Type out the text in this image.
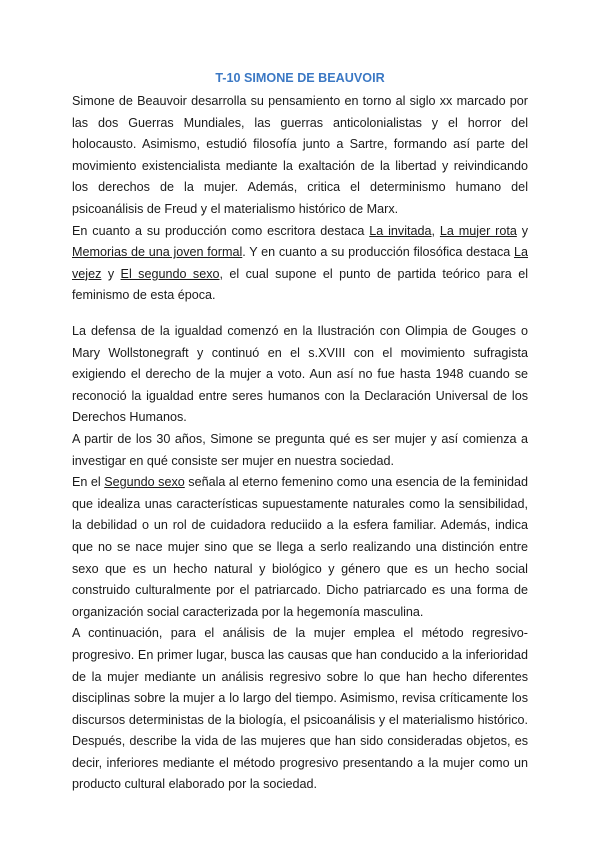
T-10 SIMONE DE BEAUVOIR

Simone de Beauvoir desarrolla su pensamiento en torno al siglo xx marcado por las dos Guerras Mundiales, las guerras anticolonialistas y el horror del holocausto. Asimismo, estudió filosofía junto a Sartre, formando así parte del movimiento existencialista mediante la exaltación de la libertad y reivindicando los derechos de la mujer. Además, critica el determinismo humano del psicoanálisis de Freud y el materialismo histórico de Marx.

En cuanto a su producción como escritora destaca La invitada, La mujer rota y Memorias de una joven formal. Y en cuanto a su producción filosófica destaca La vejez y El segundo sexo, el cual supone el punto de partida teórico para el feminismo de esta época.

La defensa de la igualdad comenzó en la Ilustración con Olimpia de Gouges o Mary Wollstonegraft y continuó en el s.XVIII con el movimiento sufragista exigiendo el derecho de la mujer a voto. Aun así no fue hasta 1948 cuando se reconoció la igualdad entre seres humanos con la Declaración Universal de los Derechos Humanos.

A partir de los 30 años, Simone se pregunta qué es ser mujer y así comienza a investigar en qué consiste ser mujer en nuestra sociedad.

En el Segundo sexo señala al eterno femenino como una esencia de la feminidad que idealiza unas características supuestamente naturales como la sensibilidad, la debilidad o un rol de cuidadora reduciido a la esfera familiar. Además, indica que no se nace mujer sino que se llega a serlo realizando una distinción entre sexo que es un hecho natural y biológico y género que es un hecho social construido culturalmente por el patriarcado. Dicho patriarcado es una forma de organización social caracterizada por la hegemonía masculina.

A continuación, para el análisis de la mujer emplea el método regresivo-progresivo. En primer lugar, busca las causas que han conducido a la inferioridad de la mujer mediante un análisis regresivo sobre lo que han hecho diferentes disciplinas sobre la mujer a lo largo del tiempo. Asimismo, revisa críticamente los discursos deterministas de la biología, el psicoanálisis y el materialismo histórico. Después, describe la vida de las mujeres que han sido consideradas objetos, es decir, inferiores mediante el método progresivo presentando a la mujer como un producto cultural elaborado por la sociedad.
